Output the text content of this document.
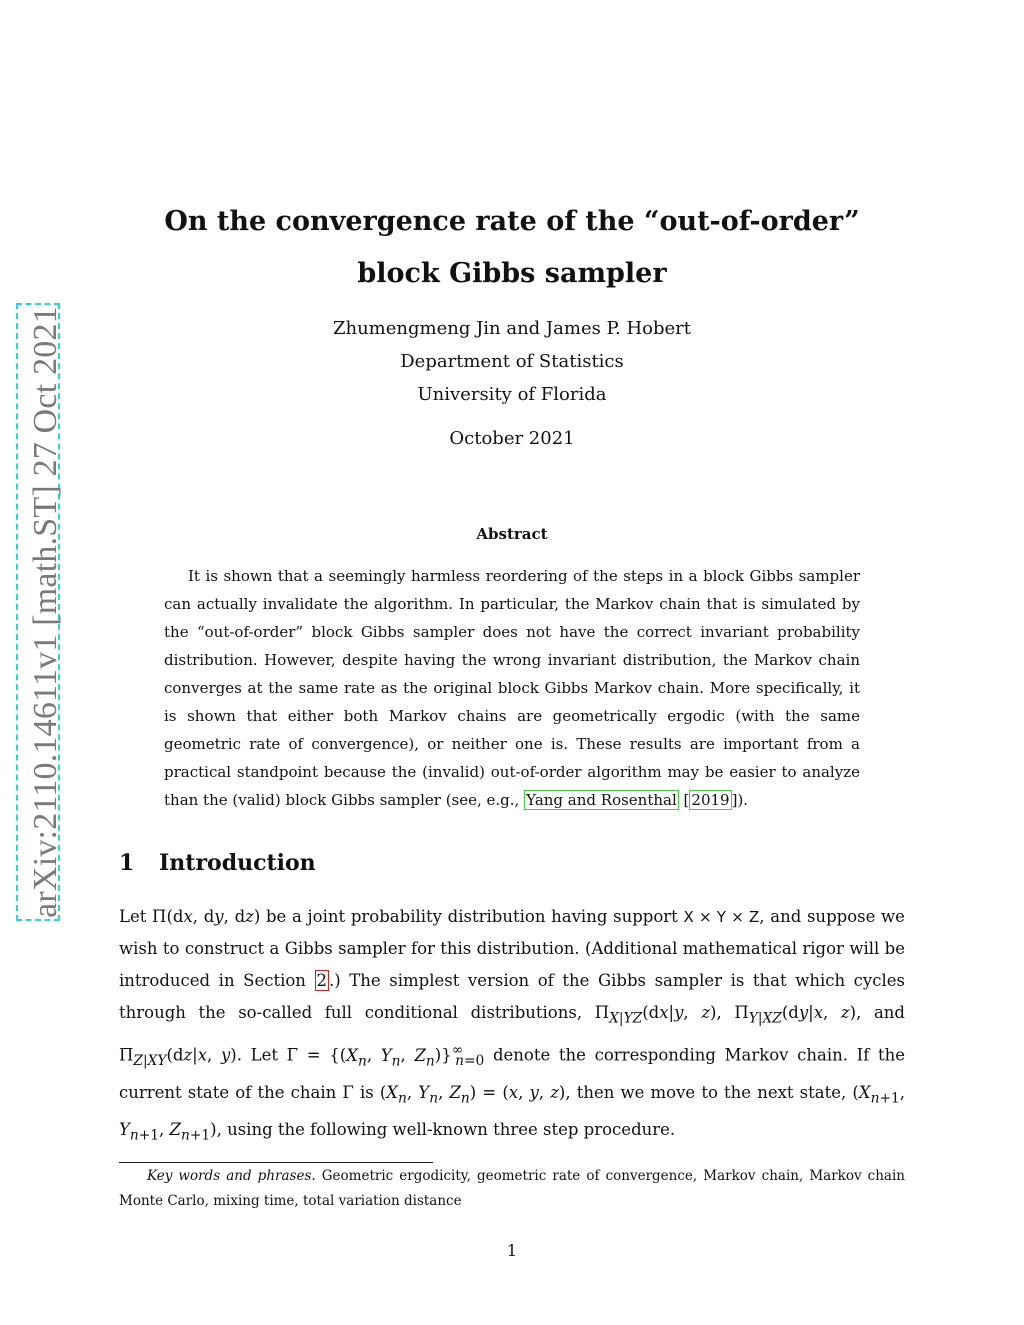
arXiv:2110.14611v1 [math.ST] 27 Oct 2021
On the convergence rate of the “out-of-order”
block Gibbs sampler
Zhumengmeng Jin and James P. Hobert
Department of Statistics
University of Florida
October 2021
Abstract
It is shown that a seemingly harmless reordering of the steps in a block Gibbs sampler can actually invalidate the algorithm. In particular, the Markov chain that is simulated by the “out-of-order” block Gibbs sampler does not have the correct invariant probability distribution. However, despite having the wrong invariant distribution, the Markov chain converges at the same rate as the original block Gibbs Markov chain. More specifically, it is shown that either both Markov chains are geometrically ergodic (with the same geometric rate of convergence), or neither one is. These results are important from a practical standpoint because the (invalid) out-of-order algorithm may be easier to analyze than the (valid) block Gibbs sampler (see, e.g., Yang and Rosenthal [ 2019 ]).
1 Introduction

Let Π(dx, dy, dz) be a joint probability distribution having support X × Y × Z, and suppose we wish to construct a Gibbs sampler for this distribution. (Additional mathematical rigor will be introduced in Section 2 .) The simplest version of the Gibbs sampler is that which cycles through the so-called full conditional distributions, $\Pi_{X|YZ}(dx|y$, z), $\Pi_{Y|XZ}(dy|x$, z), and $\Pi_{Z|XY}(dz|x$, y). Let $\Gamma = \{(X_n$, $Y_n$, $Z_n)\}^\infty_{n=0}$ denote the corresponding Markov chain. If the current state of the chain Γ is ($X_n$, $Y_n$, $Z_n) = (x$, y, z), then we move to the next state, ($X_{n+1}$, $Y_{n+1}$, $Z_{n+1}$), using the following well-known three step procedure.

Key words and phrases. Geometric ergodicity, geometric rate of convergence, Markov chain, Markov chain Monte Carlo, mixing time, total variation distance
1
